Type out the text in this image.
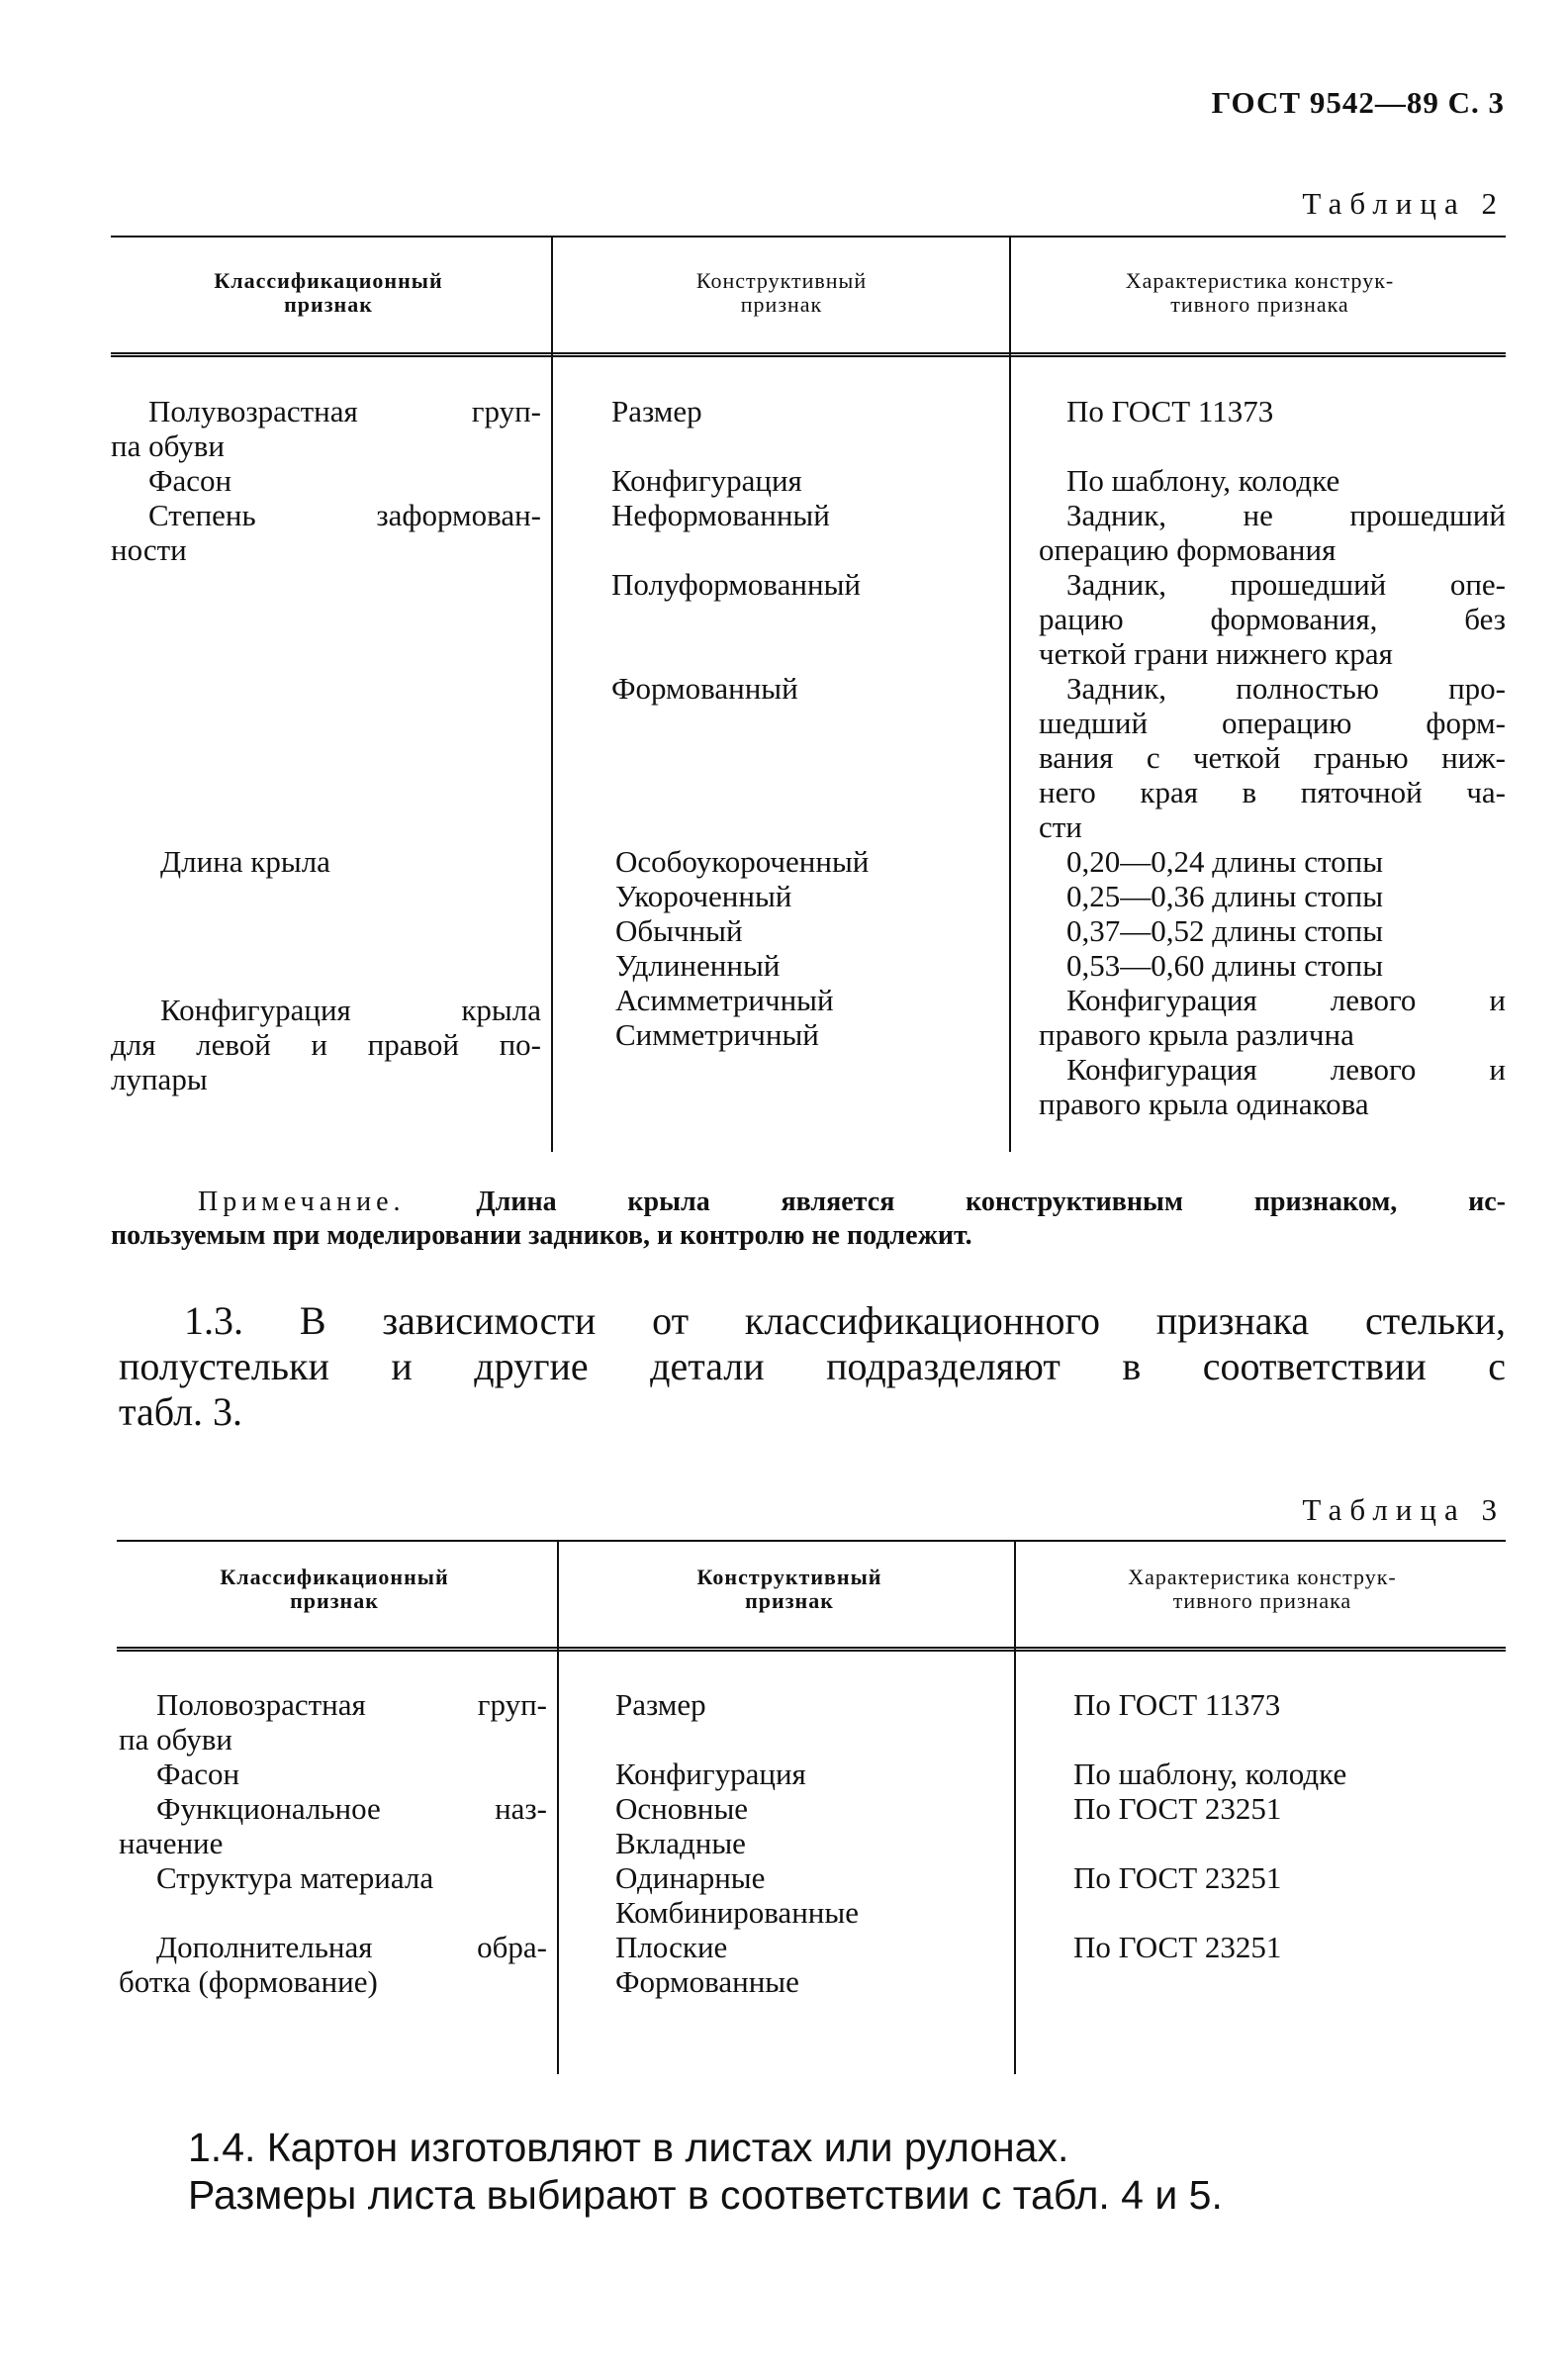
ГОСТ 9542—89 С. 3
Таблица 2
Классификационный
признак
Конструктивный
признак
Характеристика конструк-
тивного признака
Полувозрастная груп-
па обуви
Фасон
Степень заформован-
ности
Длина крыла
Конфигурация крыла
для левой и правой по-
лупары
Размер

Конфигурация
Неформованный

Полуформованный

Формованный
Особоукороченный
Укороченный
Обычный
Удлиненный
Асимметричный
Симметричный
По ГОСТ 11373

По шаблону, колодке
Задник, не прошедший
операцию формования
Задник, прошедший опе-
рацию формования, без
четкой грани нижнего края
Задник, полностью про-
шедший операцию форм-
вания с четкой гранью ниж-
него края в пяточной ча-
сти
0,20—0,24 длины стопы
0,25—0,36 длины стопы
0,37—0,52 длины стопы
0,53—0,60 длины стопы
Конфигурация левого и
правого крыла различна
Конфигурация левого и
правого крыла одинакова
Примечание.	Длина крыла является конструктивным признаком, ис-
пользуемым при моделировании задников, и контролю не подлежит.
1.3. В зависимости от классификационного признака стельки,
полустельки и другие детали подразделяют в соответствии с
табл. 3.
Таблица 3
Классификационный
признак
Конструктивный
признак
Характеристика конструк-
тивного признака
Половозрастная груп-
па обуви
Фасон
Функциональное наз-
начение
Структура материала

Дополнительная обра-
ботка (формование)
Размер

Конфигурация
Основные
Вкладные
Одинарные
Комбинированные
Плоские
Формованные
По ГОСТ 11373

По шаблону, колодке
По ГОСТ 23251

По ГОСТ 23251

По ГОСТ 23251
1.4. Картон изготовляют в листах или рулонах.
Размеры листа выбирают в соответствии с табл. 4 и 5.
